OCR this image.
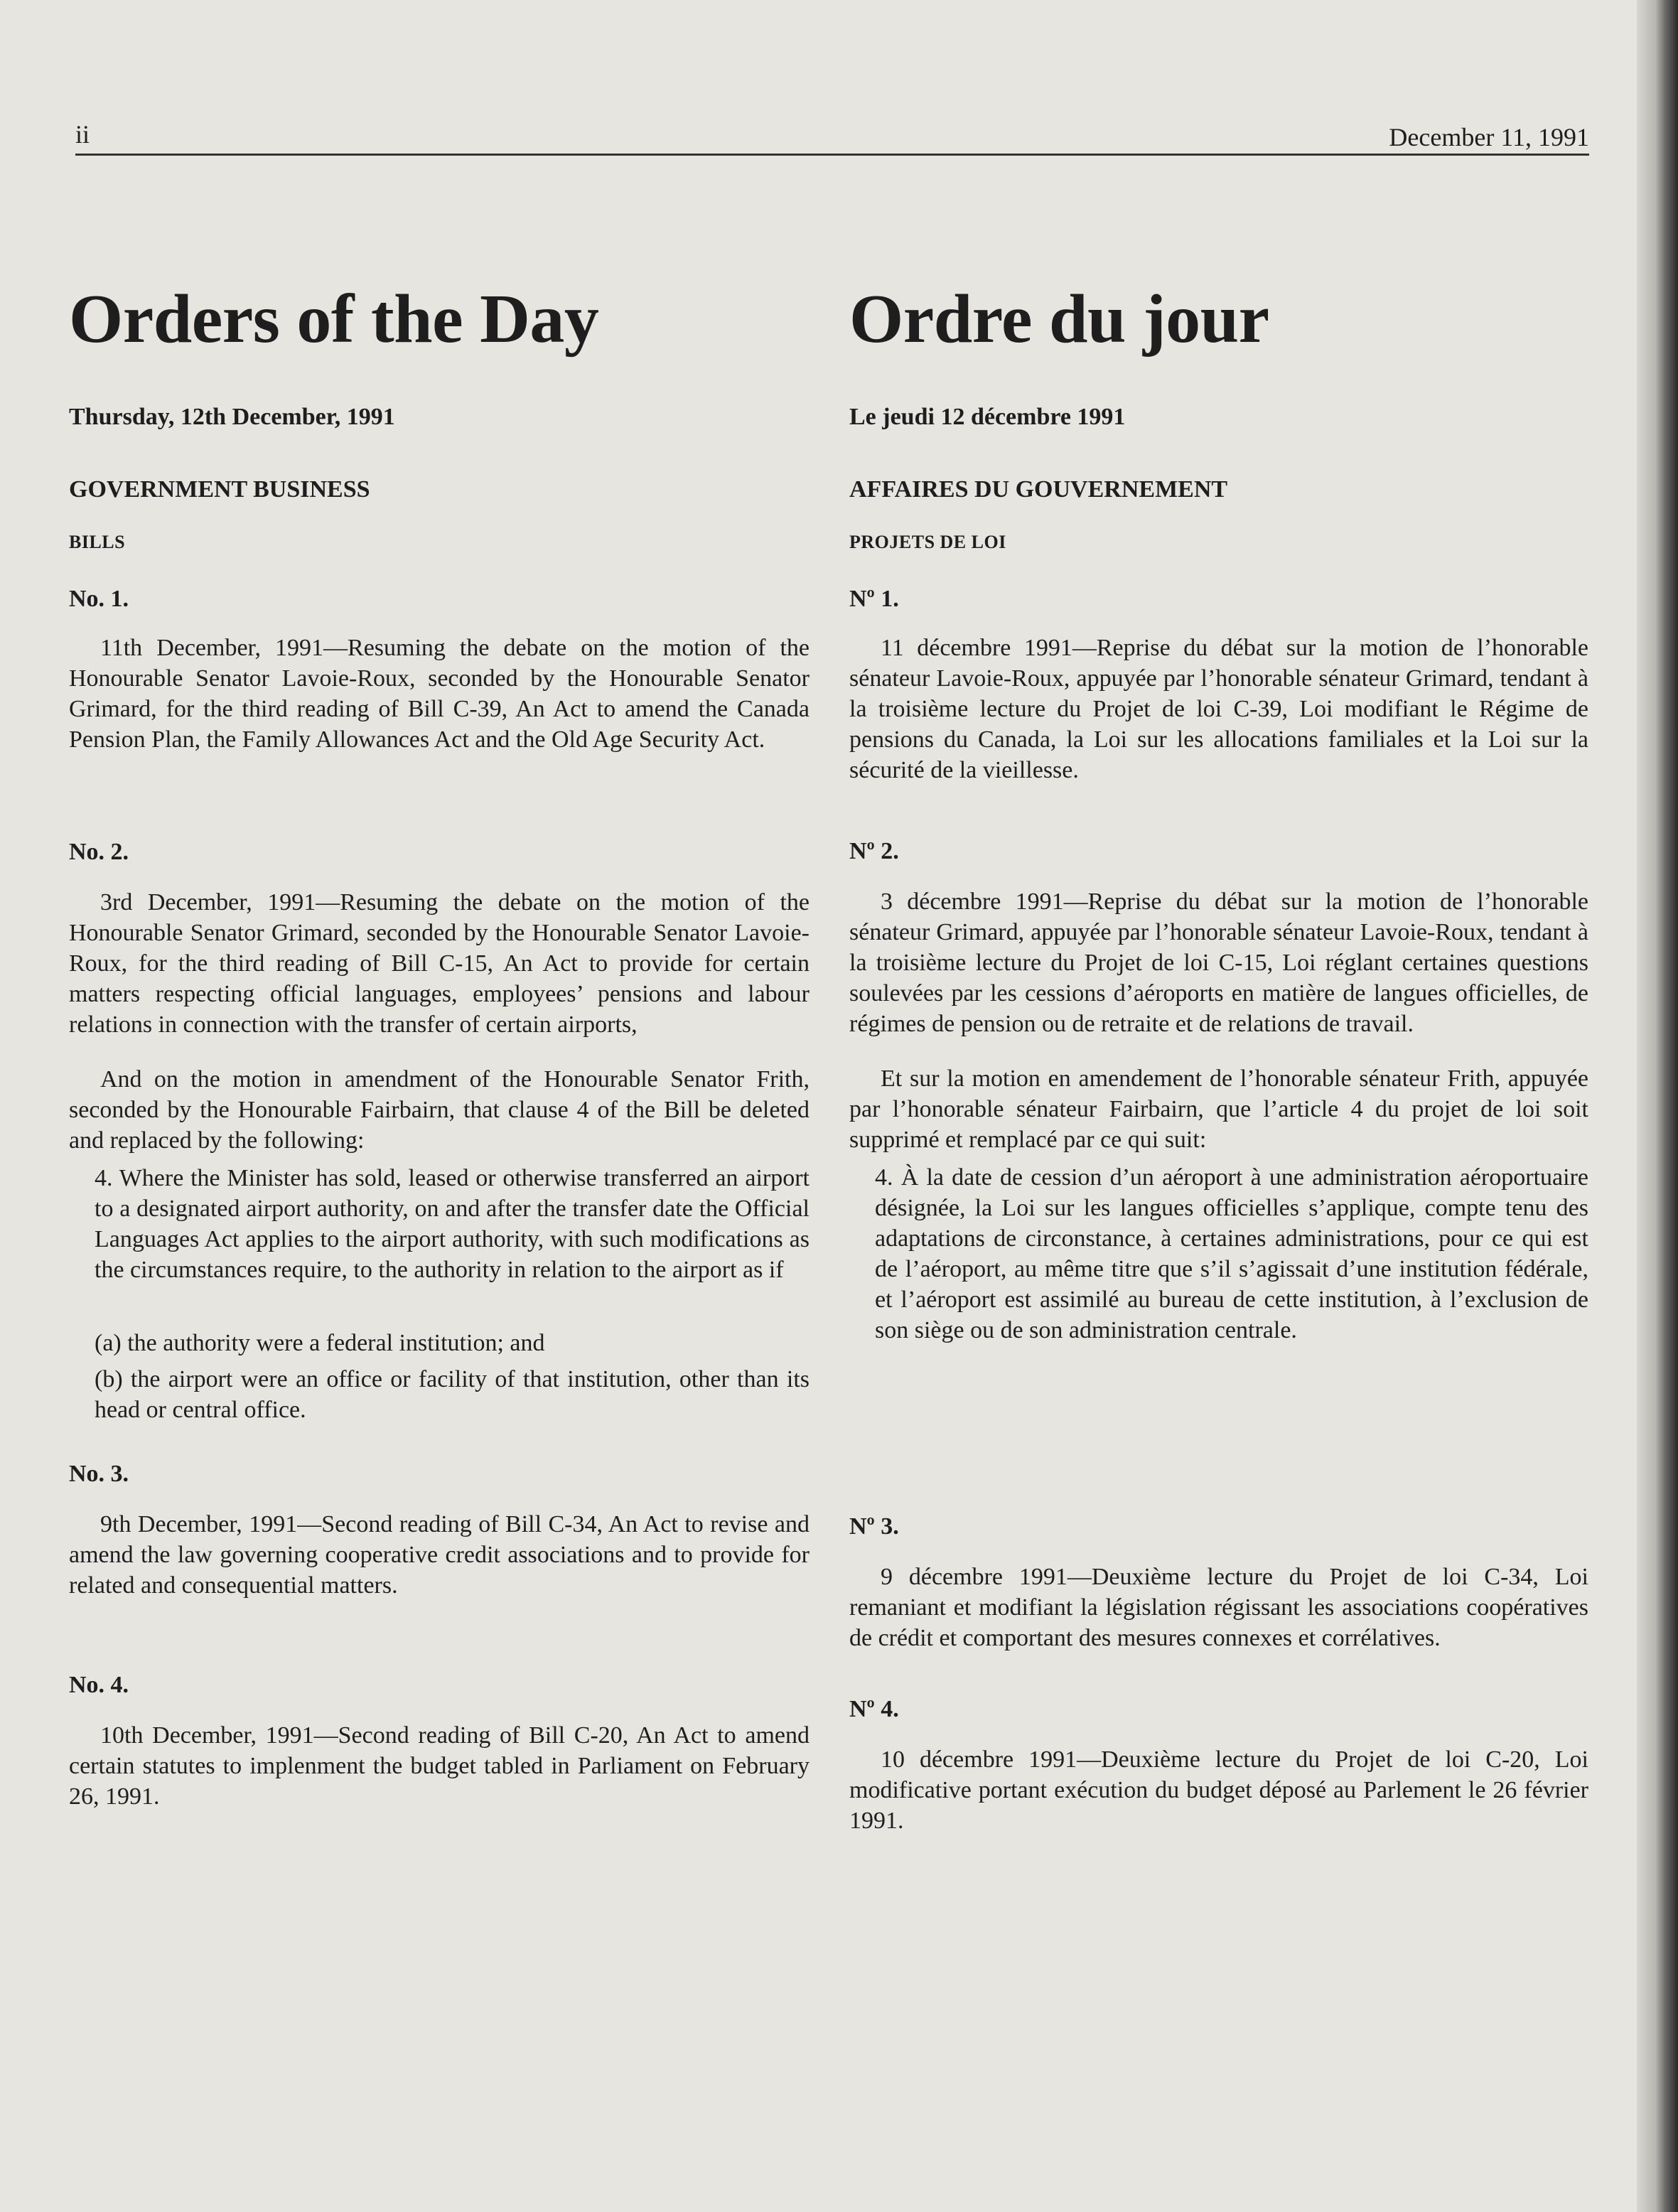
ii	December 11, 1991
Orders of the Day
Thursday, 12th December, 1991
GOVERNMENT BUSINESS
BILLS
No. 1.

11th December, 1991—Resuming the debate on the motion of the Honourable Senator Lavoie-Roux, seconded by the Honourable Senator Grimard, for the third reading of Bill C-39, An Act to amend the Canada Pension Plan, the Family Allowances Act and the Old Age Security Act.

No. 2.

3rd December, 1991—Resuming the debate on the motion of the Honourable Senator Grimard, seconded by the Honourable Senator Lavoie-Roux, for the third reading of Bill C-15, An Act to provide for certain matters respecting official languages, employees’ pensions and labour relations in connection with the transfer of certain airports,

And on the motion in amendment of the Honourable Senator Frith, seconded by the Honourable Fairbairn, that clause 4 of the Bill be deleted and replaced by the following:

4. Where the Minister has sold, leased or otherwise transferred an airport to a designated airport authority, on and after the transfer date the Official Languages Act applies to the airport authority, with such modifications as the circumstances require, to the authority in relation to the airport as if

(a) the authority were a federal institution; and

(b) the airport were an office or facility of that institution, other than its head or central office.

No. 3.

9th December, 1991—Second reading of Bill C-34, An Act to revise and amend the law governing cooperative credit associations and to provide for related and consequential matters.

No. 4.

10th December, 1991—Second reading of Bill C-20, An Act to amend certain statutes to implenment the budget tabled in Parliament on February 26, 1991.

Ordre du jour
Le jeudi 12 décembre 1991
AFFAIRES DU GOUVERNEMENT
PROJETS DE LOI
Nº 1.

11 décembre 1991—Reprise du débat sur la motion de l’honorable sénateur Lavoie-Roux, appuyée par l’honorable sénateur Grimard, tendant à la troisième lecture du Projet de loi C-39, Loi modifiant le Régime de pensions du Canada, la Loi sur les allocations familiales et la Loi sur la sécurité de la vieillesse.

Nº 2.

3 décembre 1991—Reprise du débat sur la motion de l’honorable sénateur Grimard, appuyée par l’honorable sénateur Lavoie-Roux, tendant à la troisième lecture du Projet de loi C-15, Loi réglant certaines questions soulevées par les cessions d’aéroports en matière de langues officielles, de régimes de pension ou de retraite et de relations de travail.

Et sur la motion en amendement de l’honorable sénateur Frith, appuyée par l’honorable sénateur Fairbairn, que l’article 4 du projet de loi soit supprimé et remplacé par ce qui suit:

4. À la date de cession d’un aéroport à une administration aéroportuaire désignée, la Loi sur les langues officielles s’applique, compte tenu des adaptations de circonstance, à certaines administrations, pour ce qui est de l’aéroport, au même titre que s’il s’agissait d’une institution fédérale, et l’aéroport est assimilé au bureau de cette institution, à l’exclusion de son siège ou de son administration centrale.

Nº 3.

9 décembre 1991—Deuxième lecture du Projet de loi C-34, Loi remaniant et modifiant la législation régissant les associations coopératives de crédit et comportant des mesures connexes et corrélatives.

Nº 4.

10 décembre 1991—Deuxième lecture du Projet de loi C-20, Loi modificative portant exécution du budget déposé au Parlement le 26 février 1991.
